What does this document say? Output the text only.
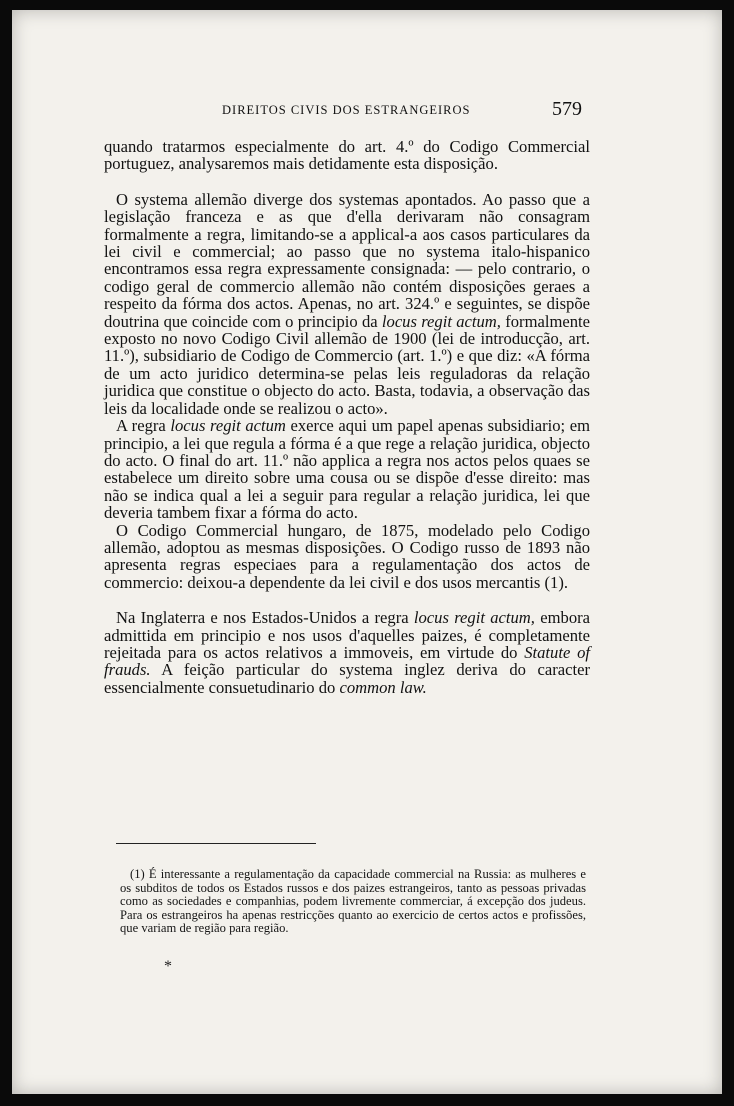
DIREITOS CIVIS DOS ESTRANGEIROS	579

quando tratarmos especialmente do art. 4.º do Codigo Commercial portuguez, analysaremos mais detidamente esta disposição.

O systema allemão diverge dos systemas apontados. Ao passo que a legislação franceza e as que d'ella derivaram não consagram formalmente a regra, limitando-se a applical-a aos casos particulares da lei civil e commercial; ao passo que no systema italo-hispanico encontramos essa regra expressamente consignada: — pelo contrario, o codigo geral de commercio allemão não contém disposições geraes a respeito da fórma dos actos. Apenas, no art. 324.º e seguintes, se dispõe doutrina que coincide com o principio da locus regit actum, formalmente exposto no novo Codigo Civil allemão de 1900 (lei de introducção, art. 11.º), subsidiario de Codigo de Commercio (art. 1.º) e que diz: «A fórma de um acto juridico determina-se pelas leis reguladoras da relação juridica que constitue o objecto do acto. Basta, todavia, a observação das leis da localidade onde se realizou o acto».

A regra locus regit actum exerce aqui um papel apenas subsidiario; em principio, a lei que regula a fórma é a que rege a relação juridica, objecto do acto. O final do art. 11.º não applica a regra nos actos pelos quaes se estabelece um direito sobre uma cousa ou se dispõe d'esse direito: mas não se indica qual a lei a seguir para regular a relação juridica, lei que deveria tambem fixar a fórma do acto.

O Codigo Commercial hungaro, de 1875, modelado pelo Codigo allemão, adoptou as mesmas disposições. O Codigo russo de 1893 não apresenta regras especiaes para a regulamentação dos actos de commercio: deixou-a dependente da lei civil e dos usos mercantis (1).

Na Inglaterra e nos Estados-Unidos a regra locus regit actum, embora admittida em principio e nos usos d'aquelles paizes, é completamente rejeitada para os actos relativos a immoveis, em virtude do Statute of frauds. A feição particular do systema inglez deriva do caracter essencialmente consuetudinario do common law.

(1) É interessante a regulamentação da capacidade commercial na Russia: as mulheres e os subditos de todos os Estados russos e dos paizes estrangeiros, tanto as pessoas privadas como as sociedades e companhias, podem livremente commerciar, á excepção dos judeus. Para os estrangeiros ha apenas restricções quanto ao exercicio de certos actos e profissões, que variam de região para região.

*
